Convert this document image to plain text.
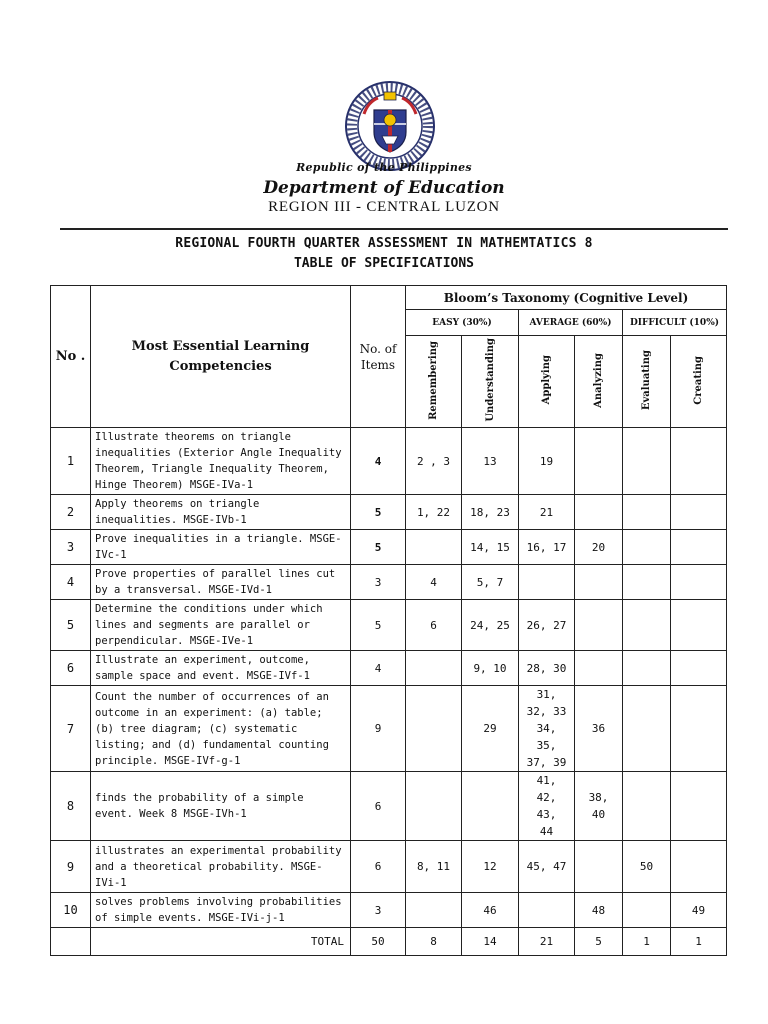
Republic of the Philippines
Department of Education
REGION III - CENTRAL LUZON
REGIONAL FOURTH QUARTER ASSESSMENT IN MATHEMTATICS 8
TABLE OF SPECIFICATIONS
No .	Most Essential Learning Competencies	No. of Items	Bloom’s Taxonomy (Cognitive Level)					
			EASY (30%)		AVERAGE (60%)		DIFFICULT (10%)	
			Remembering	Understanding	Applying	Analyzing	Evaluating	Creating
1	Illustrate theorems on triangle inequalities (Exterior Angle Inequality Theorem, Triangle Inequality Theorem, Hinge Theorem) MSGE-IVa-1	4	2 , 3	13	19			
2	Apply theorems on triangle inequalities. MSGE-IVb-1	5	1, 22	18, 23	21			
3	Prove inequalities in a triangle. MSGE-IVc-1	5		14, 15	16, 17	20		
4	Prove properties of parallel lines cut by a transversal. MSGE-IVd-1	3	4	5, 7				
5	Determine the conditions under which lines and segments are parallel or perpendicular. MSGE-IVe-1	5	6	24, 25	26, 27			
6	Illustrate an experiment, outcome, sample space and event. MSGE-IVf-1	4		9, 10	28, 30			
7	Count the number of occurrences of an outcome in an experiment: (a) table; (b) tree diagram; (c) systematic listing; and (d) fundamental counting principle. MSGE-IVf-g-1	9		29	31, 32, 33 34, 35, 37, 39	36		
8	finds the probability of a simple event. Week 8 MSGE-IVh-1	6			41, 42, 43, 44	38, 40		
9	illustrates an experimental probability and a theoretical probability. MSGE-IVi-1	6	8, 11	12	45, 47		50	
10	solves problems involving probabilities of simple events. MSGE-IVi-j-1	3		46		48		49
	TOTAL	50	8	14	21	5	1	1
